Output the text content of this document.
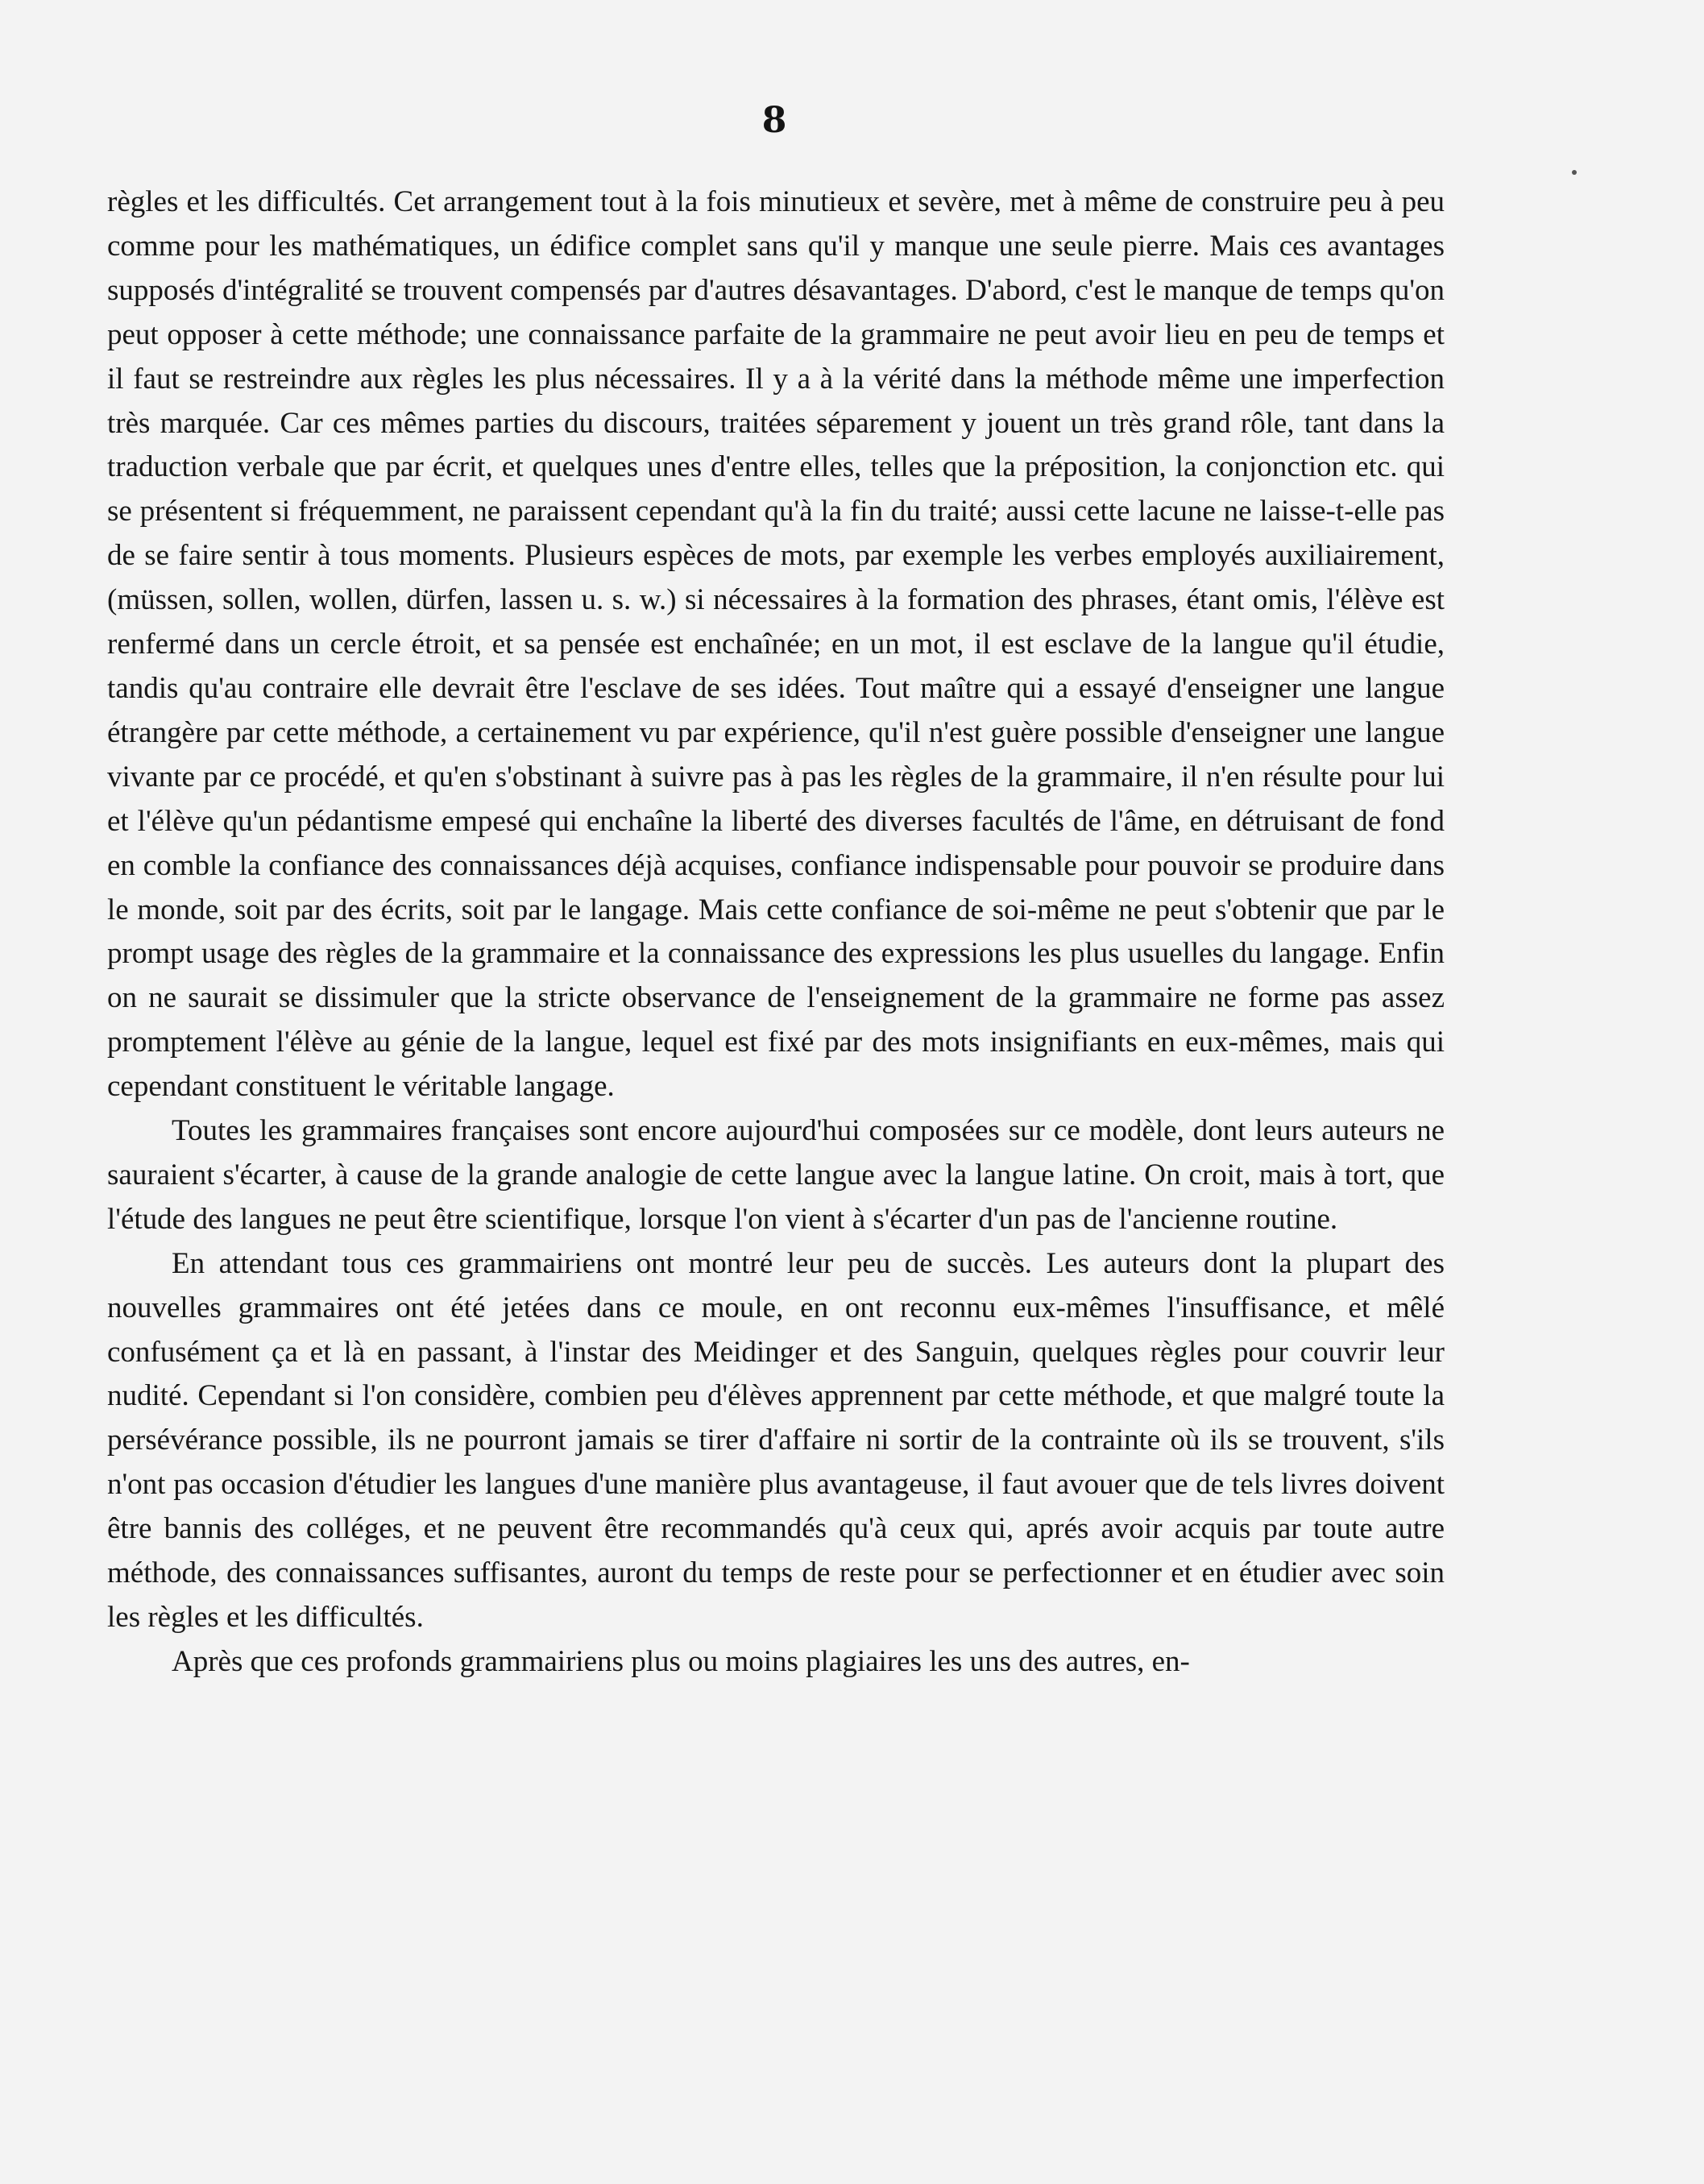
8

règles et les difficultés. Cet arrangement tout à la fois minutieux et sevère, met à même de construire peu à peu comme pour les mathématiques, un édifice complet sans qu'il y manque une seule pierre. Mais ces avantages supposés d'intégralité se trouvent compensés par d'autres désavantages. D'abord, c'est le manque de temps qu'on peut opposer à cette méthode; une connaissance parfaite de la grammaire ne peut avoir lieu en peu de temps et il faut se restreindre aux règles les plus nécessaires. Il y a à la vérité dans la méthode même une imperfection très marquée. Car ces mêmes parties du discours, traitées séparement y jouent un très grand rôle, tant dans la traduction verbale que par écrit, et quelques unes d'entre elles, telles que la préposition, la conjonction etc. qui se présentent si fréquemment, ne paraissent cependant qu'à la fin du traité; aussi cette lacune ne laisse-t-elle pas de se faire sentir à tous moments. Plusieurs espèces de mots, par exemple les verbes employés auxiliairement, (müssen, sollen, wollen, dürfen, lassen u. s. w.) si nécessaires à la formation des phrases, étant omis, l'élève est renfermé dans un cercle étroit, et sa pensée est enchaînée; en un mot, il est esclave de la langue qu'il étudie, tandis qu'au contraire elle devrait être l'esclave de ses idées. Tout maître qui a essayé d'enseigner une langue étrangère par cette méthode, a certainement vu par expérience, qu'il n'est guère possible d'enseigner une langue vivante par ce procédé, et qu'en s'obstinant à suivre pas à pas les règles de la grammaire, il n'en résulte pour lui et l'élève qu'un pédantisme empesé qui enchaîne la liberté des diverses facultés de l'âme, en détruisant de fond en comble la confiance des connaissances déjà acquises, confiance indispensable pour pouvoir se produire dans le monde, soit par des écrits, soit par le langage. Mais cette confiance de soi-même ne peut s'obtenir que par le prompt usage des règles de la grammaire et la connaissance des expressions les plus usuelles du langage. Enfin on ne saurait se dissimuler que la stricte observance de l'enseignement de la grammaire ne forme pas assez promptement l'élève au génie de la langue, lequel est fixé par des mots insignifiants en eux-mêmes, mais qui cependant constituent le véritable langage.

Toutes les grammaires françaises sont encore aujourd'hui composées sur ce modèle, dont leurs auteurs ne sauraient s'écarter, à cause de la grande analogie de cette langue avec la langue latine. On croit, mais à tort, que l'étude des langues ne peut être scientifique, lorsque l'on vient à s'écarter d'un pas de l'ancienne routine.

En attendant tous ces grammairiens ont montré leur peu de succès. Les auteurs dont la plupart des nouvelles grammaires ont été jetées dans ce moule, en ont reconnu eux-mêmes l'insuffisance, et mêlé confusément ça et là en passant, à l'instar des Meidinger et des Sanguin, quelques règles pour couvrir leur nudité. Cependant si l'on considère, combien peu d'élèves apprennent par cette méthode, et que malgré toute la persévérance possible, ils ne pourront jamais se tirer d'affaire ni sortir de la contrainte où ils se trouvent, s'ils n'ont pas occasion d'étudier les langues d'une manière plus avantageuse, il faut avouer que de tels livres doivent être bannis des colléges, et ne peuvent être recommandés qu'à ceux qui, aprés avoir acquis par toute autre méthode, des connaissances suffisantes, auront du temps de reste pour se perfectionner et en étudier avec soin les règles et les difficultés.

Après que ces profonds grammairiens plus ou moins plagiaires les uns des autres, en-
